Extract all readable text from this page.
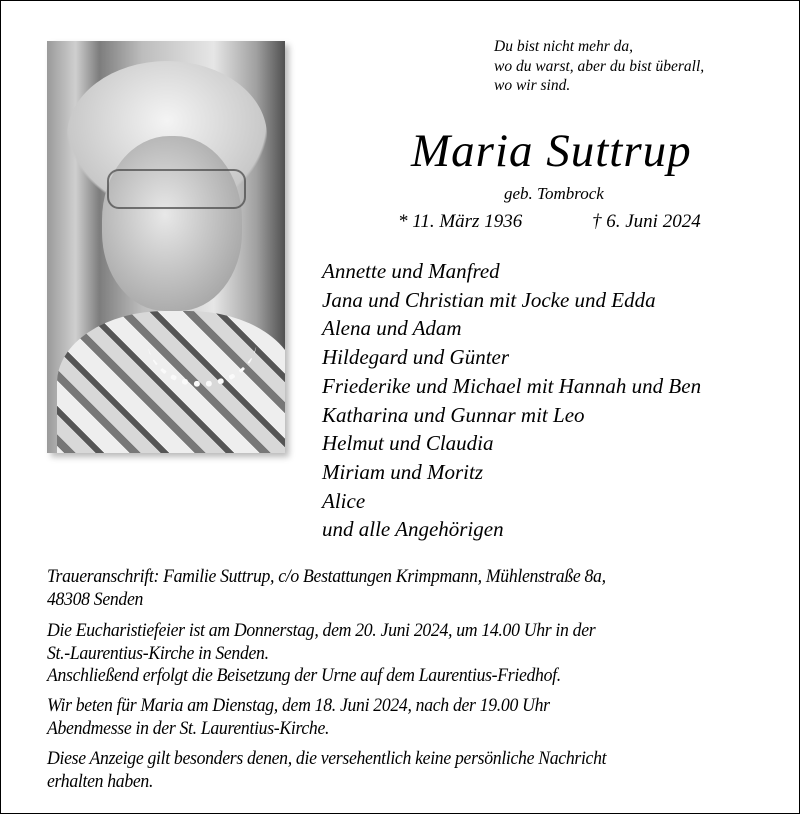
Du bist nicht mehr da,
wo du warst, aber du bist überall,
wo wir sind.
Maria Suttrup
geb. Tombrock
* 11. März 1936	† 6. Juni 2024
Annette und Manfred
Jana und Christian mit Jocke und Edda
Alena und Adam
Hildegard und Günter
Friederike und Michael mit Hannah und Ben
Katharina und Gunnar mit Leo
Helmut und Claudia
Miriam und Moritz
Alice
und alle Angehörigen
Traueranschrift: Familie Suttrup, c/o Bestattungen Krimpmann, Mühlenstraße 8a,
48308 Senden
Die Eucharistiefeier ist am Donnerstag, dem 20. Juni 2024, um 14.00 Uhr in der
St.-Laurentius-Kirche in Senden.
Anschließend erfolgt die Beisetzung der Urne auf dem Laurentius-Friedhof.
Wir beten für Maria am Dienstag, dem 18. Juni 2024, nach der 19.00 Uhr
Abendmesse in der St. Laurentius-Kirche.
Diese Anzeige gilt besonders denen, die versehentlich keine persönliche Nachricht
erhalten haben.
